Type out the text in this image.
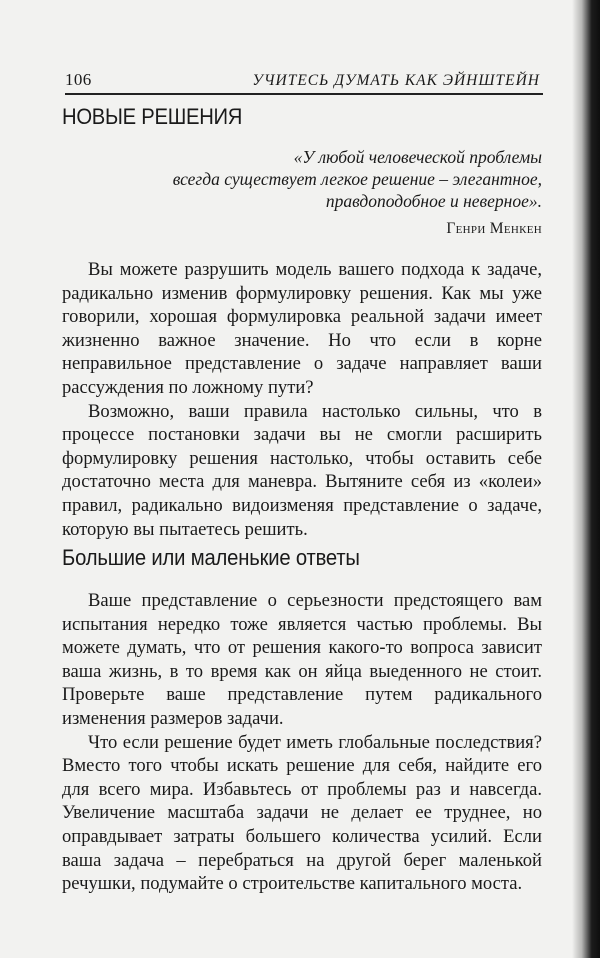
106	УЧИТЕСЬ ДУМАТЬ КАК ЭЙНШТЕЙН
НОВЫЕ РЕШЕНИЯ
«У любой человеческой проблемы
всегда существует легкое решение – элегантное,
правдоподобное и неверное».
Генри Менкен

Вы можете разрушить модель вашего подхода к задаче, радикально изменив формулировку решения. Как мы уже говорили, хорошая формулировка реальной задачи имеет жизненно важное значение. Но что если в корне неправильное представление о задаче направляет ваши рассуждения по ложному пути?

Возможно, ваши правила настолько сильны, что в процессе постановки задачи вы не смогли расширить формулировку решения настолько, чтобы оставить себе достаточно места для маневра. Вытяните себя из «колеи» правил, радикально видоизменяя представление о задаче, которую вы пытаетесь решить.

Большие или маленькие ответы

Ваше представление о серьезности предстоящего вам испытания нередко тоже является частью проблемы. Вы можете думать, что от решения какого-то вопроса зависит ваша жизнь, в то время как он яйца выеденного не стоит. Проверьте ваше представление путем радикального изменения размеров задачи.

Что если решение будет иметь глобальные последствия? Вместо того чтобы искать решение для себя, найдите его для всего мира. Избавьтесь от проблемы раз и навсегда. Увеличение масштаба задачи не делает ее труднее, но оправдывает затраты большего количества усилий. Если ваша задача – перебраться на другой берег маленькой речушки, подумайте о строительстве капитального моста.
